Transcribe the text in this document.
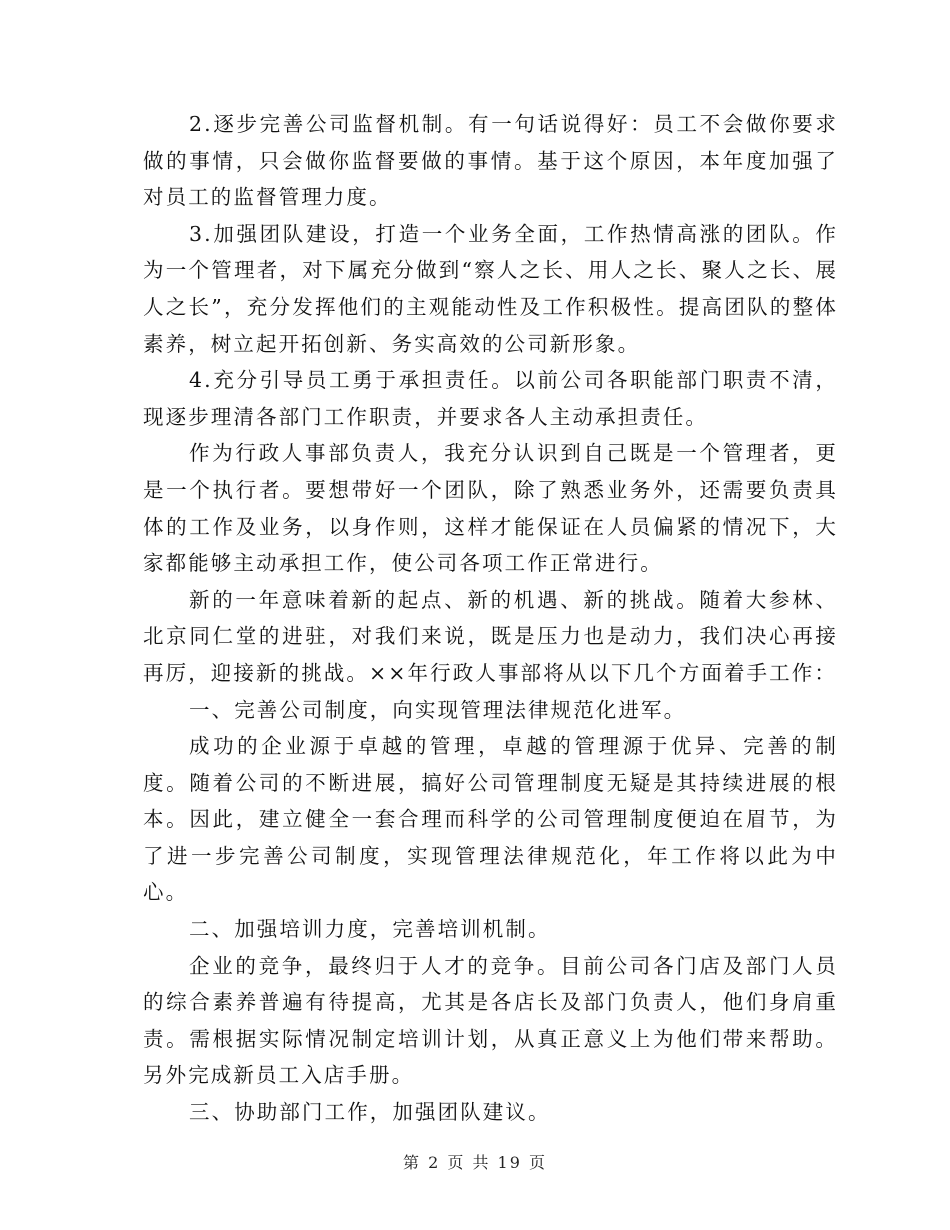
2.逐步完善公司监督机制。有一句话说得好：员工不会做你要求做的事情，只会做你监督要做的事情。基于这个原因，本年度加强了对员工的监督管理力度。

3.加强团队建设，打造一个业务全面，工作热情高涨的团队。作为一个管理者，对下属充分做到“察人之长、用人之长、聚人之长、展人之长”，充分发挥他们的主观能动性及工作积极性。提高团队的整体素养，树立起开拓创新、务实高效的公司新形象。

4.充分引导员工勇于承担责任。以前公司各职能部门职责不清，现逐步理清各部门工作职责，并要求各人主动承担责任。

作为行政人事部负责人，我充分认识到自己既是一个管理者，更是一个执行者。要想带好一个团队，除了熟悉业务外，还需要负责具体的工作及业务，以身作则，这样才能保证在人员偏紧的情况下，大家都能够主动承担工作，使公司各项工作正常进行。

新的一年意味着新的起点、新的机遇、新的挑战。随着大参林、北京同仁堂的进驻，对我们来说，既是压力也是动力，我们决心再接再厉，迎接新的挑战。××年行政人事部将从以下几个方面着手工作：

一、完善公司制度，向实现管理法律规范化进军。

成功的企业源于卓越的管理，卓越的管理源于优异、完善的制度。随着公司的不断进展，搞好公司管理制度无疑是其持续进展的根本。因此，建立健全一套合理而科学的公司管理制度便迫在眉节，为了进一步完善公司制度，实现管理法律规范化，年工作将以此为中心。

二、加强培训力度，完善培训机制。

企业的竞争，最终归于人才的竞争。目前公司各门店及部门人员的综合素养普遍有待提高，尤其是各店长及部门负责人，他们身肩重责。需根据实际情况制定培训计划，从真正意义上为他们带来帮助。另外完成新员工入店手册。

三、协助部门工作，加强团队建议。

第 2 页 共 19 页
